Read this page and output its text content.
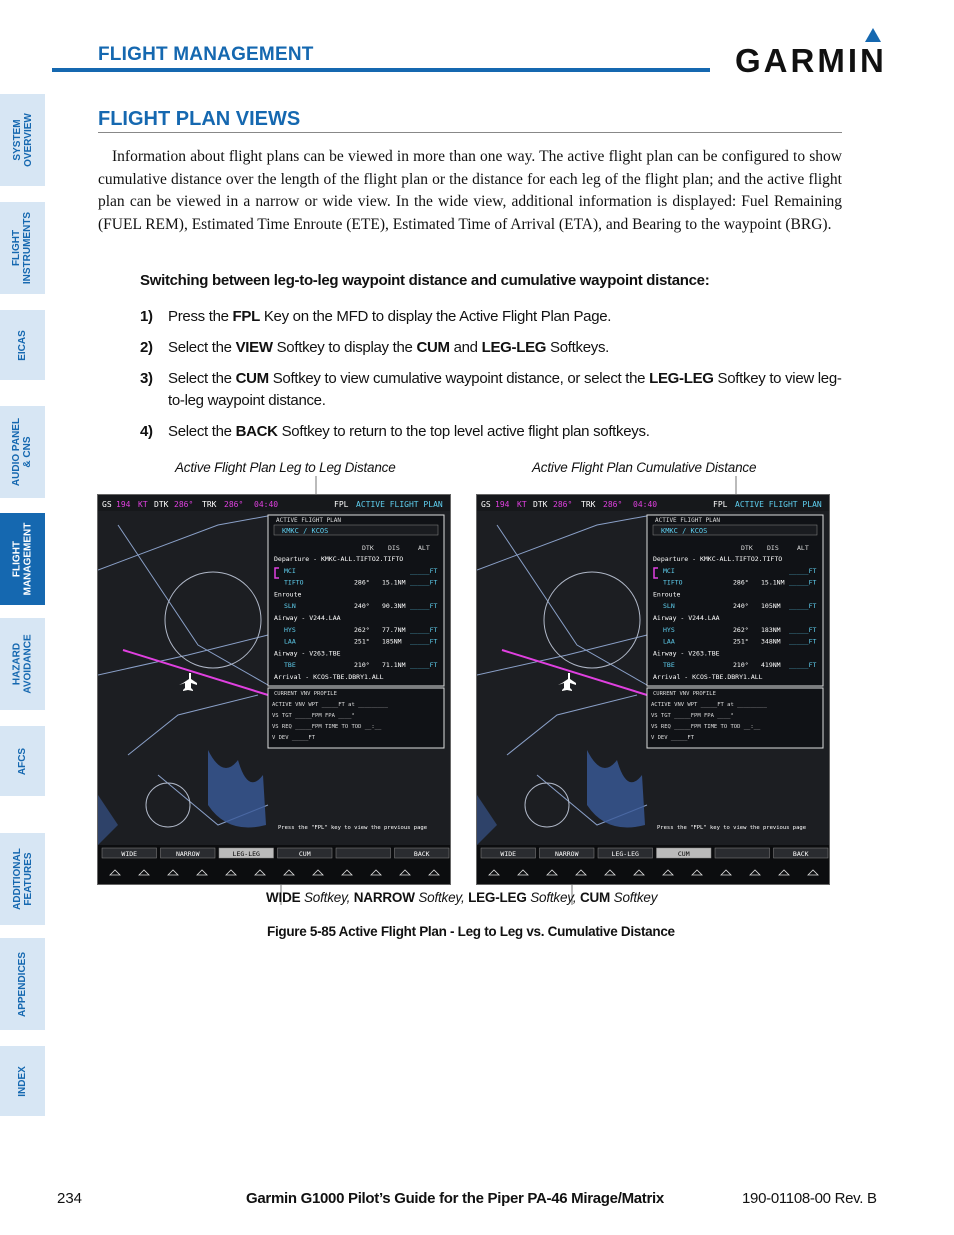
FLIGHT MANAGEMENT	GARMIN
SYSTEM
OVERVIEW
FLIGHT
INSTRUMENTS
EICAS
AUDIO PANEL
& CNS
FLIGHT
MANAGEMENT
HAZARD
AVOIDANCE
AFCS
ADDITIONAL
FEATURES
APPENDICES
INDEX
FLIGHT PLAN VIEWS
Information about flight plans can be viewed in more than one way. The active flight plan can be configured to show cumulative distance over the length of the flight plan or the distance for each leg of the flight plan; and the active flight plan can be viewed in a narrow or wide view. In the wide view, additional information is displayed: Fuel Remaining (FUEL REM), Estimated Time Enroute (ETE), Estimated Time of Arrival (ETA), and Bearing to the waypoint (BRG).
Switching between leg-to-leg waypoint distance and cumulative waypoint distance:
1) Press the FPL Key on the MFD to display the Active Flight Plan Page.
2) Select the VIEW Softkey to display the CUM and LEG-LEG Softkeys.
3) Select the CUM Softkey to view cumulative waypoint distance, or select the LEG-LEG Softkey to view leg-to-leg waypoint distance.
4) Select the BACK Softkey to return to the top level active flight plan softkeys.
Active Flight Plan Leg to Leg Distance	Active Flight Plan Cumulative Distance
GS 194 KT DTK 286° TRK 286° 04:40	FPL ACTIVE FLIGHT PLAN
ACTIVE FLIGHT PLAN
KMKC / KCOS
DTK DIS	ALT
Departure - KMKC-ALL.TIFTO2.TIFTO
MCI	_____FT
TIFTO	286° 15.1NM _____FT
Enroute
SLN	240° 90.3NM _____FT
Airway - V244.LAA
HYS	262° 77.7NM _____FT
LAA	251° 185NM _____FT
Airway - V263.TBE
TBE	210° 71.1NM _____FT
Arrival - KCOS-TBE.DBRY1.ALL
CURRENT VNV PROFILE
ACTIVE VNV WPT _____FT at _________
VS TGT _____FPM FPA ____°
VS REQ _____FPM TIME TO TOD __:__
V DEV _____FT
Press the "FPL" key to view the previous page
WIDE	NARROW	LEG-LEG	CUM	BACK
GS 194 KT DTK 286° TRK 286° 04:40	FPL ACTIVE FLIGHT PLAN
ACTIVE FLIGHT PLAN
KMKC / KCOS
DTK DIS	ALT
Departure - KMKC-ALL.TIFTO2.TIFTO
MCI	_____FT
TIFTO	286° 15.1NM _____FT
Enroute
SLN	240° 105NM _____FT
Airway - V244.LAA
HYS	262° 183NM _____FT
LAA	251° 348NM _____FT
Airway - V263.TBE
TBE	210° 419NM _____FT
Arrival - KCOS-TBE.DBRY1.ALL
CURRENT VNV PROFILE
ACTIVE VNV WPT _____FT at _________
VS TGT _____FPM FPA ____°
VS REQ _____FPM TIME TO TOD __:__
V DEV _____FT
Press the "FPL" key to view the previous page
WIDE	NARROW	LEG-LEG	CUM	BACK
WIDE Softkey, NARROW Softkey, LEG-LEG Softkey, CUM Softkey
Figure 5-85 Active Flight Plan - Leg to Leg vs. Cumulative Distance
234	Garmin G1000 Pilot’s Guide for the Piper PA-46 Mirage/Matrix	190-01108-00 Rev. B
